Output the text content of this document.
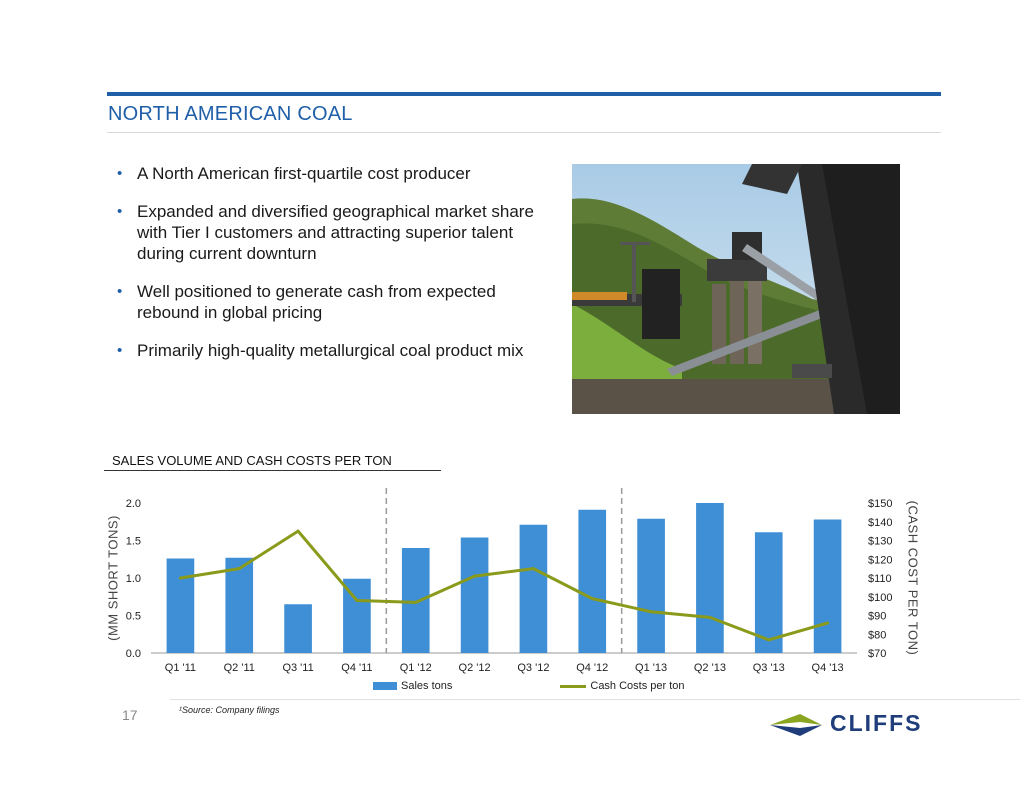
NORTH AMERICAN COAL
• A North American first-quartile cost producer
• Expanded and diversified geographical market share with Tier I customers and attracting superior talent during current downturn
• Well positioned to generate cash from expected rebound in global pricing
• Primarily high-quality metallurgical coal product mix
SALES VOLUME AND CASH COSTS PER TON
(MM SHORT TONS)	(CASH COST PER TON)
0.0
0.5
1.0
1.5
2.0
$70
$80
$90
$100
$110
$120
$130
$140
$150
Q1 '11	Q2 '11	Q3 '11	Q4 '11 Q1 '12 Q2 '12 Q3 '12 Q4 '12 Q1 '13 Q2 '13 Q3 '13 Q4 '13
Sales tons	Cash Costs per ton
17	¹Source: Company filings	CLIFFS
